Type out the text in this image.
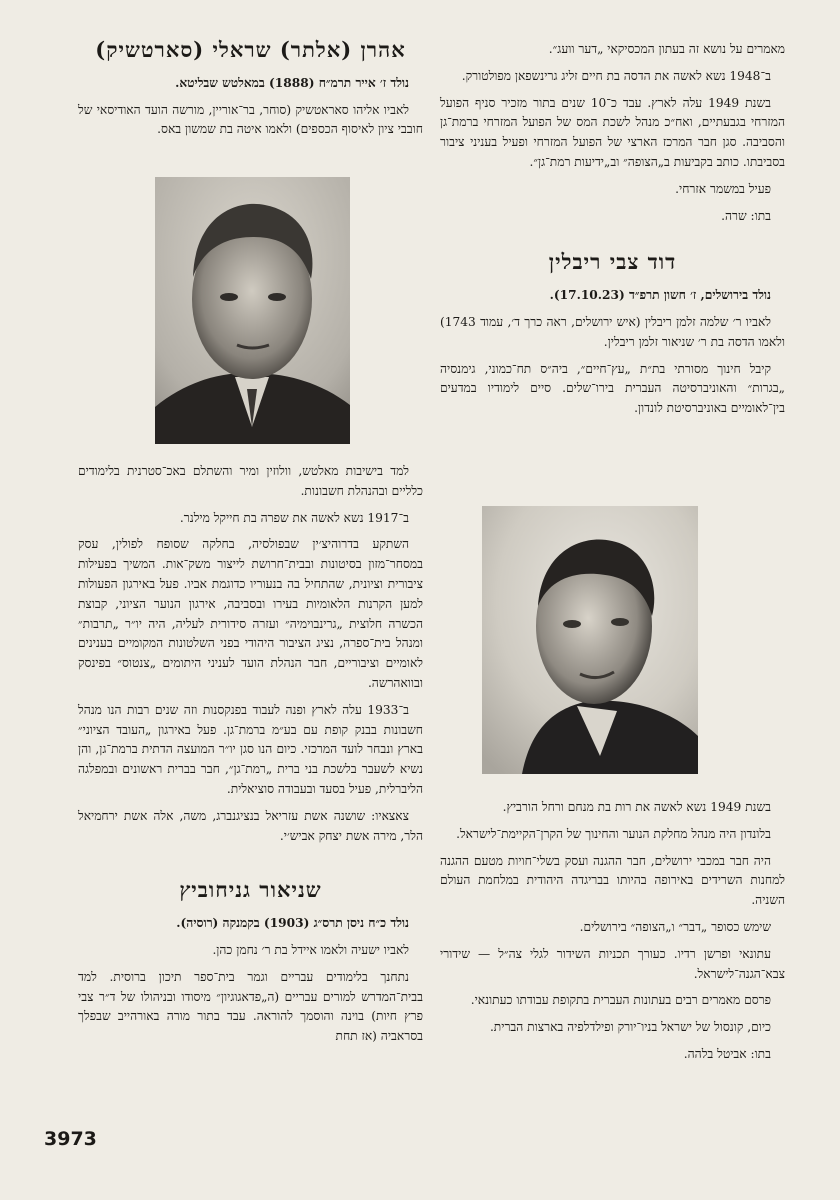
מאמרים על נושא זה בעתון המכסיקאי „דער וועג״.

ב־1948 נשא לאשה את הדסה בת חיים זליג גרינשפאן מפולטורק.

בשנת 1949 עלה לארץ. עבד כ־10 שנים בתור מזכיר סניף הפועל המזרחי בגבעתיים, ואח״כ מנהל לשכת המס של הפועל המזרחי ברמת־גן והסביבה. סגן חבר המרכז הארצי של הפועל המזרחי ופעיל בעניני ציבור בסביבתו. כותב בקביעות ב„הצופה״ וב„ידיעות רמת־גן״.

פעיל במשמר אזרחי.

בתו: שרה.

דוד צבי ריבלין

נולד בירושלים, ז׳ חשון תרפ״ד (17.10.23).

לאביו ר׳ שלמה זלמן ריבלין (איש ירושלים, ראה כרך ד׳, עמוד 1743) ולאמו הדסה בת ר׳ שניאור זלמן ריבלין.

קיבל חינוך מסורתי בת״ת „עץ־חיים״, ביה״ס תח־כמוני, גימנסיה „בגרות״ והאוניברסיטה העברית בירו־שלים. סיים לימודיו במדעים בין־לאומיים באוניברסיטת לונדון.

בשנת 1949 נשא לאשה את רות בת מנחם ורחל הורביץ.

בלונדון היה מנהל מחלקת הנוער והחינוך של הקרן־הקיימת־לישראל.

היה חבר במכבי ירושלים, חבר ההגנה ועסק בשלי־חויות מטעם ההגנה למחנות השרידים באירופה בהיותו בבריגדה היהודית במלחמת העולם השניה.

שימש כסופר „דבר״ ו„הצופה״ בירושלים.

עתונאי ופרשן רדיו. כעורך תכניות השידור לגלי צה״ל — שידורי צבא־הגנה־לישראל.

פרסם מאמרים רבים בעתונות העברית בתקופת עבודתו כעתונאי.

כיום, קונסול של ישראל בניו־יורק ופילדלפיה בארצות הברית.

בתו: אביטל בלהה.

אהרן (אלתר) שראלי (סארטשיק)

נולד ז׳ אייר תרמ״ח (1888) במאלטש שבליטא.

לאביו אליהו סאראטשיק (סוחר, בר־אוריין, מורשה הועד האודיסאי של חובבי ציון לאיסוף הכספים) ולאמו איטה בת שמשון באס.

למד בישיבות מאלטש, וולוזין ומיר והשתלם באכ־סטרנית בלימודים כלליים ובהנהלת חשבונות.

ב־1917 נשא לאשה את שפרה בת חייקל מילנר.

השתקע בדרוהיצ׳ין שבפולסיה, בחלקה שסופח לפולין, עסק במסחר־מזון בסיטונות ובבית־חרושת לייצור משק־אות. המשיך בפעילות ציבורית וציונית, שהתחיל בה בנעוריו כדוגמת אביו. פעל באירגון הפעולות למען הקרנות הלאומיות בעירו ובסביבה, אירגון הנוער הציוני, קבוצת הכשרה חלוצית „גרינבוימיה״ ועזרה סידורית לעליה, היה יו״ר „תרבות״ ומנהל בית־ספרה, נציג הציבור היהודי בפני השלטונות המקומיים בענינים לאומיים וציבוריים, חבר הנהלת הועד לעניני היתומים „צנטוס״ בפינסק ובוואהרשה.

ב־1933 עלה לארץ ופנה לעבוד בפנקסנות וזה שנים רבות הנו מנהל חשבונות בבנק קופת עם בע״מ ברמת־גן. פעל באירגון „העובד הציוני״ בארץ ונבחר לועד המרכזי. כיום הנו סגן יו״ר המועצה הדתית ברמת־גן, והן נשיא לשעבר בלשכת בני ברית „רמת־גן״, חבר בברית ראשונים ובמפלגה הליברלית, פעיל בסעד ובעבודה סוציאלית.

צאצאיו: שושנה אשת עזריאל בנציגנברג, משה, אלה אשת ירחמיאל הלר, מירה אשת יצחק אביש׳י.

שניאור גניחוביץ

נולד כ״ח ניסן תרס״ג (1903) בקמנקה (רוסיה).

לאביו ישעיה ולאמו איידל בת ר׳ נחמן כהן.

נתחנך בלימודים עבריים וגמר בית־ספר תיכון ברוסית. למד בבית־המדרש למורים עבריים (ה„פדאגוגיון״ מיסודו ובניהולו של ד״ר צבי פרץ חיות) בוינה והוסמך להוראה. עבד בתור מורה באורהייב שבפלך בסראביה (אז תחת

3973
